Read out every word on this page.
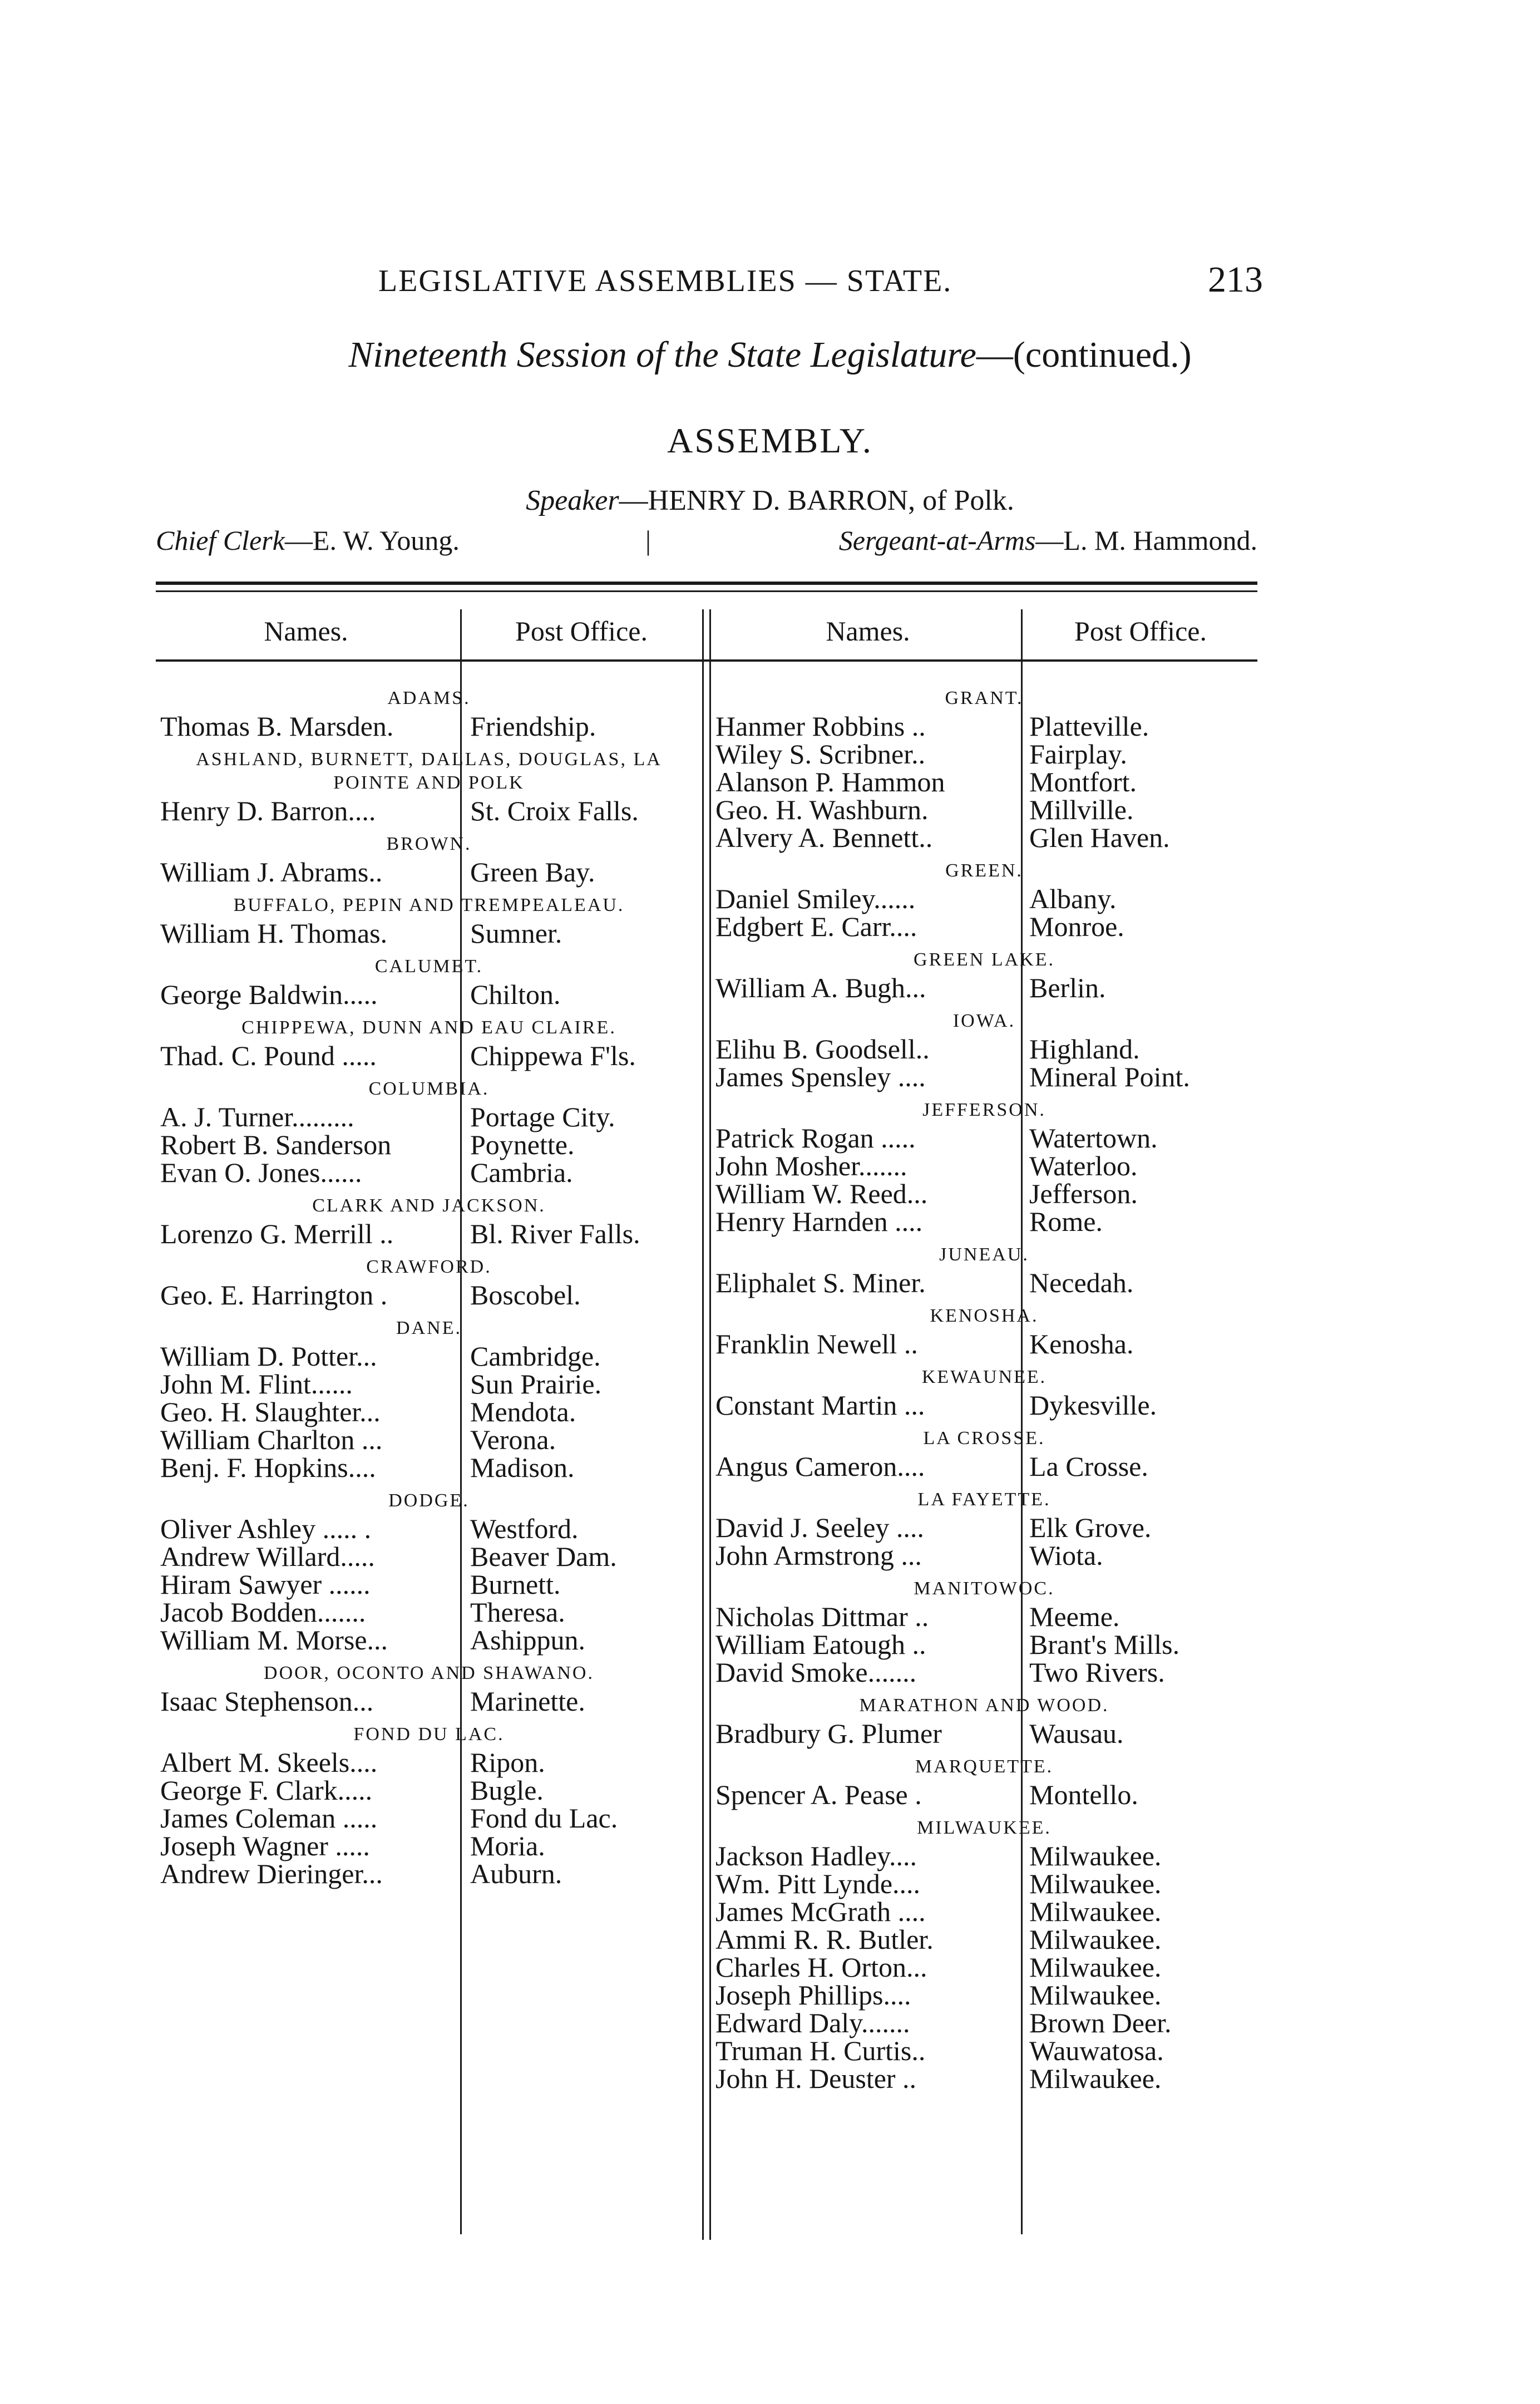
LEGISLATIVE ASSEMBLIES — STATE.	213
Nineteenth Session of the State Legislature—(continued.)
ASSEMBLY.
Speaker—HENRY D. BARRON, of Polk.
Chief Clerk—E. W. Young.	|	Sergeant-at-Arms—L. M. Hammond.
Names.	Post Office.	Names.	Post Office.
ADAMS.
Thomas B. Marsden.	Friendship.
ASHLAND, BURNETT, DALLAS, DOUGLAS, LA POINTE AND POLK
Henry D. Barron....	St. Croix Falls.
BROWN.
William J. Abrams..	Green Bay.
BUFFALO, PEPIN AND TREMPEALEAU.
William H. Thomas.	Sumner.
CALUMET.
George Baldwin.....	Chilton.
CHIPPEWA, DUNN AND EAU CLAIRE.
Thad. C. Pound .....	Chippewa F'ls.
COLUMBIA.
A. J. Turner.........	Portage City.
Robert B. Sanderson	Poynette.
Evan O. Jones......	Cambria.
CLARK AND JACKSON.
Lorenzo G. Merrill ..	Bl. River Falls.
CRAWFORD.
Geo. E. Harrington .	Boscobel.
DANE.
William D. Potter...	Cambridge.
John M. Flint......	Sun Prairie.
Geo. H. Slaughter...	Mendota.
William Charlton ...	Verona.
Benj. F. Hopkins....	Madison.
DODGE.
Oliver Ashley ..... .	Westford.
Andrew Willard.....	Beaver Dam.
Hiram Sawyer ......	Burnett.
Jacob Bodden.......	Theresa.
William M. Morse...	Ashippun.
DOOR, OCONTO AND SHAWANO.
Isaac Stephenson...	Marinette.
FOND DU LAC.
Albert M. Skeels....	Ripon.
George F. Clark.....	Bugle.
James Coleman .....	Fond du Lac.
Joseph Wagner .....	Moria.
Andrew Dieringer...	Auburn.
GRANT.
Hanmer Robbins ..	Platteville.
Wiley S. Scribner..	Fairplay.
Alanson P. Hammon	Montfort.
Geo. H. Washburn.	Millville.
Alvery A. Bennett..	Glen Haven.
GREEN.
Daniel Smiley......	Albany.
Edgbert E. Carr....	Monroe.
GREEN LAKE.
William A. Bugh...	Berlin.
IOWA.
Elihu B. Goodsell..	Highland.
James Spensley ....	Mineral Point.
JEFFERSON.
Patrick Rogan .....	Watertown.
John Mosher.......	Waterloo.
William W. Reed...	Jefferson.
Henry Harnden ....	Rome.
JUNEAU.
Eliphalet S. Miner.	Necedah.
KENOSHA.
Franklin Newell ..	Kenosha.
KEWAUNEE.
Constant Martin ...	Dykesville.
LA CROSSE.
Angus Cameron....	La Crosse.
LA FAYETTE.
David J. Seeley ....	Elk Grove.
John Armstrong ...	Wiota.
MANITOWOC.
Nicholas Dittmar ..	Meeme.
William Eatough ..	Brant's Mills.
David Smoke.......	Two Rivers.
MARATHON AND WOOD.
Bradbury G. Plumer	Wausau.
MARQUETTE.
Spencer A. Pease .	Montello.
MILWAUKEE.
Jackson Hadley....	Milwaukee.
Wm. Pitt Lynde....	Milwaukee.
James McGrath ....	Milwaukee.
Ammi R. R. Butler.	Milwaukee.
Charles H. Orton...	Milwaukee.
Joseph Phillips....	Milwaukee.
Edward Daly.......	Brown Deer.
Truman H. Curtis..	Wauwatosa.
John H. Deuster ..	Milwaukee.
